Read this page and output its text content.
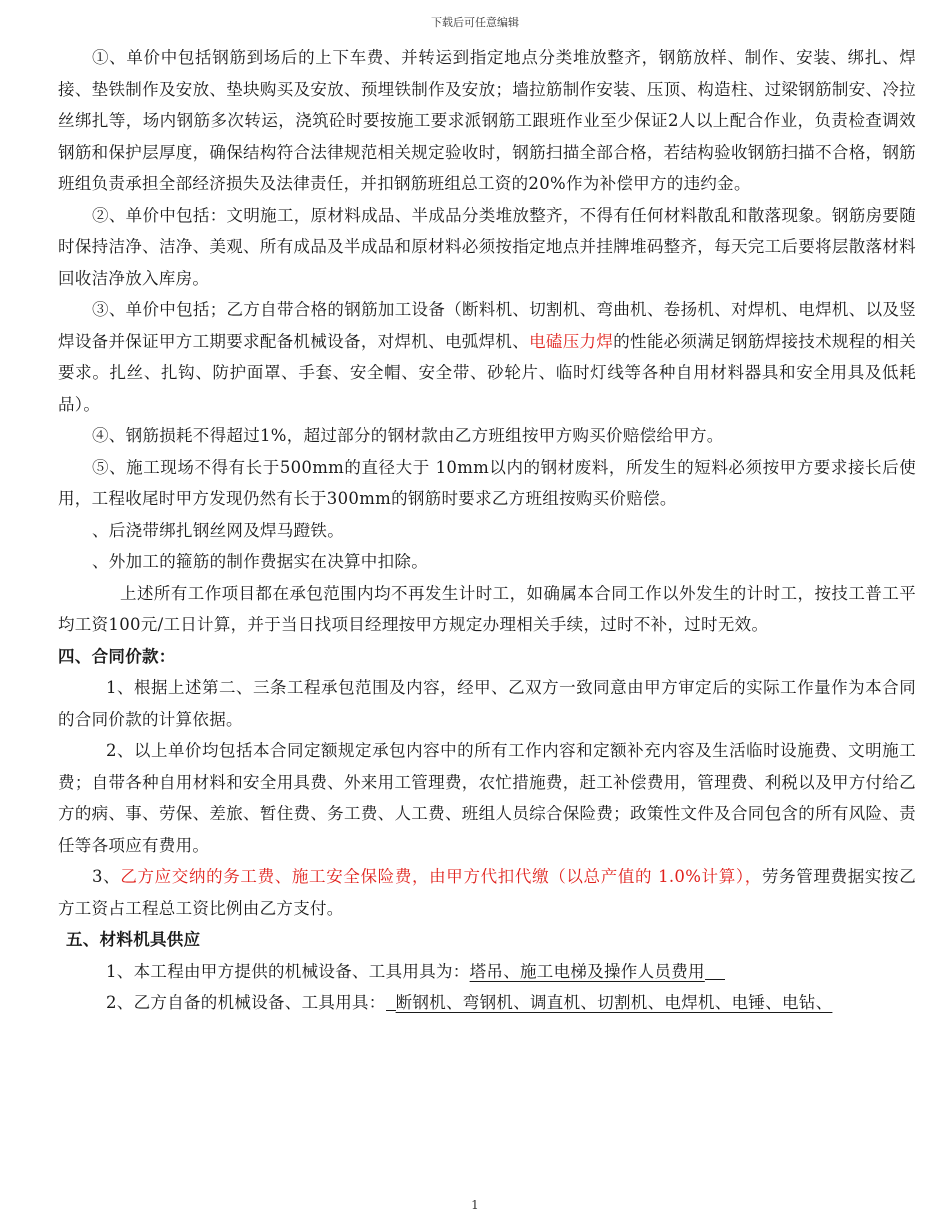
下载后可任意编辑

①、单价中包括钢筋到场后的上下车费、并转运到指定地点分类堆放整齐，钢筋放样、制作、安装、绑扎、焊接、垫铁制作及安放、垫块购买及安放、预埋铁制作及安放；墙拉筋制作安装、压顶、构造柱、过梁钢筋制安、冷拉丝绑扎等，场内钢筋多次转运，浇筑砼时要按施工要求派钢筋工跟班作业至少保证2人以上配合作业，负责检查调效钢筋和保护层厚度，确保结构符合法律规范相关规定验收时，钢筋扫描全部合格，若结构验收钢筋扫描不合格，钢筋班组负责承担全部经济损失及法律责任，并扣钢筋班组总工资的20%作为补偿甲方的违约金。

②、单价中包括：文明施工，原材料成品、半成品分类堆放整齐，不得有任何材料散乱和散落现象。钢筋房要随时保持洁净、洁净、美观、所有成品及半成品和原材料必须按指定地点并挂牌堆码整齐，每天完工后要将层散落材料回收洁净放入库房。

③、单价中包括；乙方自带合格的钢筋加工设备（断料机、切割机、弯曲机、卷扬机、对焊机、电焊机、以及竖焊设备并保证甲方工期要求配备机械设备，对焊机、电弧焊机、电磕压力焊的性能必须满足钢筋焊接技术规程的相关要求。扎丝、扎钩、防护面罩、手套、安全帽、安全带、砂轮片、临时灯线等各种自用材料器具和安全用具及低耗品）。

④、钢筋损耗不得超过1%，超过部分的钢材款由乙方班组按甲方购买价赔偿给甲方。

⑤、施工现场不得有长于500mm的直径大于 10mm以内的钢材废料，所发生的短料必须按甲方要求接长后使用，工程收尾时甲方发现仍然有长于300mm的钢筋时要求乙方班组按购买价赔偿。

、后浇带绑扎钢丝网及焊马蹬铁。

、外加工的箍筋的制作费据实在决算中扣除。

上述所有工作项目都在承包范围内均不再发生计时工，如确属本合同工作以外发生的计时工，按技工普工平均工资100元/工日计算，并于当日找项目经理按甲方规定办理相关手续，过时不补，过时无效。

四、合同价款：

1、根据上述第二、三条工程承包范围及内容，经甲、乙双方一致同意由甲方审定后的实际工作量作为本合同的合同价款的计算依据。

2、以上单价均包括本合同定额规定承包内容中的所有工作内容和定额补充内容及生活临时设施费、文明施工费；自带各种自用材料和安全用具费、外来用工管理费，农忙措施费，赶工补偿费用，管理费、利税以及甲方付给乙方的病、事、劳保、差旅、暂住费、务工费、人工费、班组人员综合保险费；政策性文件及合同包含的所有风险、责任等各项应有费用。

3、乙方应交纳的务工费、施工安全保险费，由甲方代扣代缴（以总产值的 1.0%计算），劳务管理费据实按乙方工资占工程总工资比例由乙方支付。

五、材料机具供应

1、本工程由甲方提供的机械设备、工具用具为：塔吊、施工电梯及操作人员费用

2、乙方自备的机械设备、工具用具： 断钢机、弯钢机、调直机、切割机、电焊机、电锤、电钻、

1
